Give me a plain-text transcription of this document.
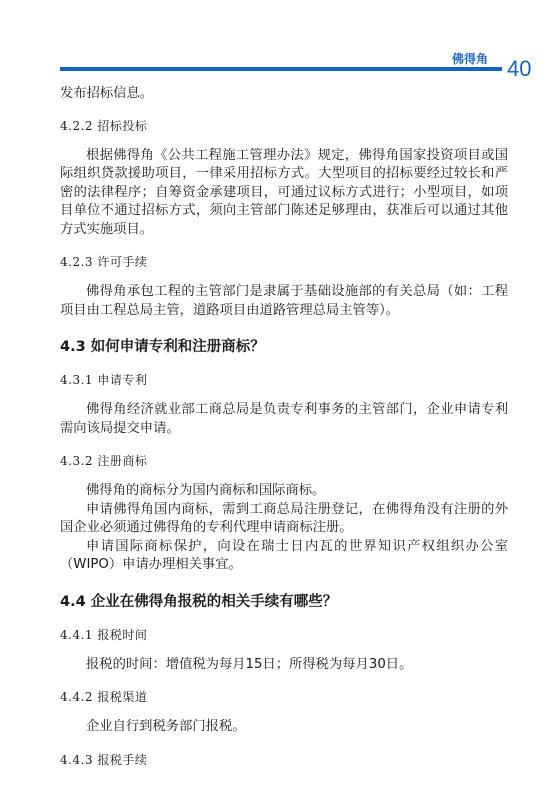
佛得角 40

发布招标信息。

4.2.2 招标投标

根据佛得角《公共工程施工管理办法》规定，佛得角国家投资项目或国际组织贷款援助项目，一律采用招标方式。大型项目的招标要经过较长和严密的法律程序；自筹资金承建项目，可通过议标方式进行；小型项目，如项目单位不通过招标方式，须向主管部门陈述足够理由，获准后可以通过其他方式实施项目。

4.2.3 许可手续

佛得角承包工程的主管部门是隶属于基础设施部的有关总局（如：工程项目由工程总局主管，道路项目由道路管理总局主管等）。

4.3 如何申请专利和注册商标？
4.3.1 申请专利

佛得角经济就业部工商总局是负责专利事务的主管部门，企业申请专利需向该局提交申请。

4.3.2 注册商标

佛得角的商标分为国内商标和国际商标。

申请佛得角国内商标，需到工商总局注册登记，在佛得角没有注册的外国企业必须通过佛得角的专利代理申请商标注册。

申请国际商标保护，向设在瑞士日内瓦的世界知识产权组织办公室（WIPO）申请办理相关事宜。

4.4 企业在佛得角报税的相关手续有哪些？
4.4.1 报税时间

报税的时间：增值税为每月15日；所得税为每月30日。

4.4.2 报税渠道

企业自行到税务部门报税。

4.4.3 报税手续
